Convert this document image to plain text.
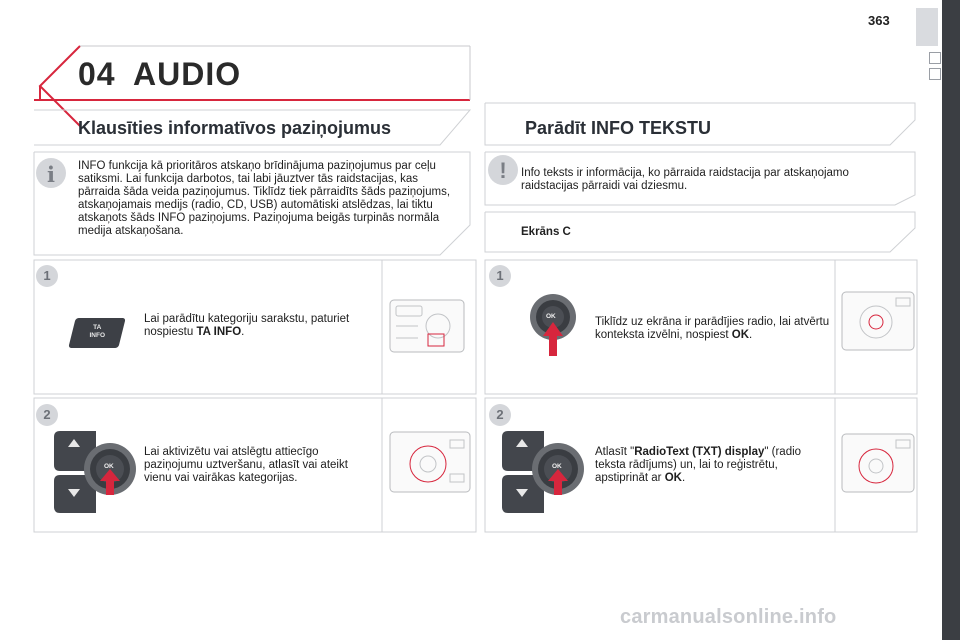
363
04 AUDIO
Klausīties informatīvos paziņojumus
i	INFO funkcija kā prioritāros atskaņo brīdinājuma paziņojumus par ceļu satiksmi. Lai funkcija darbotos, tai labi jāuztver tās raidstacijas, kas pārraida šāda veida paziņojumus. Tiklīdz tiek pārraidīts šāds paziņojums, atskaņojamais medijs (radio, CD, USB) automātiski atslēdzas, lai tiktu atskaņots šāds INFO paziņojums. Paziņojuma beigās turpinās normāla medija atskaņošana.
1
TA
INFO
Lai parādītu kategoriju sarakstu, paturiet nospiestu TA INFO.
2
OK
Lai aktivizētu vai atslēgtu attiecīgo paziņojumu uztveršanu, atlasīt vai ateikt vienu vai vairākas kategorijas.
Parādīt INFO TEKSTU
!	Info teksts ir informācija, ko pārraida raidstacija par atskaņojamo raidstacijas pārraidi vai dziesmu.
Ekrāns C
1
OK	Tiklīdz uz ekrāna ir parādījies radio, lai atvērtu konteksta izvēlni, nospiest OK.
2
OK
Atlasīt "RadioText (TXT) display" (radio teksta rādījums) un, lai to reģistrētu, apstiprināt ar OK.
carmanualsonline.info
